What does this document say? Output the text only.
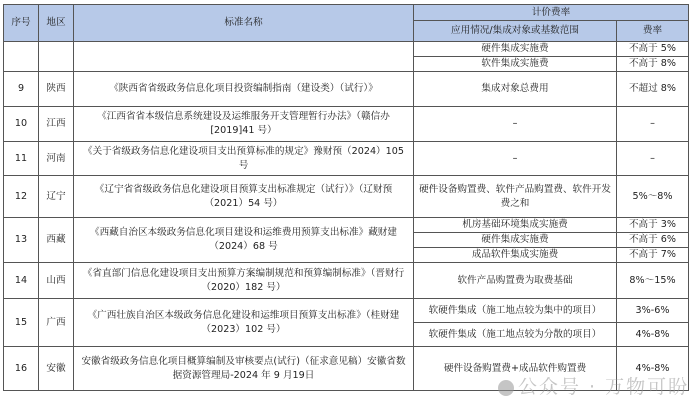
序号	地区	标准名称	计价费率	
			应用情况/集成对象或基数范围	费率
			硬件集成实施费	不高于 5%
			软件集成实施费	不高于 8%
9	陕西	《陕西省省级政务信息化项目投资编制指南（建设类）（试行）》	集成对象总费用	不超过 8%
10	江西	《江西省省本级信息系统建设及运维服务开支管理暂行办法》（赣信办[2019]41 号）	–	–
11	河南	《关于省级政务信息化建设项目支出预算标准的规定》豫财预（2024）105 号	–	–
12	辽宁	《辽宁省省级政务信息化建设项目预算支出标准规定（试行）》（辽财预（2021）54 号）	硬件设备购置费、软件产品购置费、软件开发费之和	5%～8%
13	西藏	《西藏自治区本级政务信息化项目建设和运维费用预算支出标准》藏财建（2024）68 号	机房基础环境集成实施费	不高于 3%
			硬件集成实施费	不高于 6%
			成品软件集成实施费	不高于 7%
14	山西	《省直部门信息化建设项目支出预算方案编制规范和预算编制标准》（晋财行（2020）182 号）	软件产品购置费为取费基础	8%～15%
15	广西	《广西壮族自治区本级政务信息化建设和运维项目预算支出标准》（桂财建（2023）102 号）	软硬件集成（施工地点较为集中的项目）	3%-6%
			软硬件集成（施工地点较为分散的项目）	4%-8%
16	安徽	安徽省级政务信息化项目概算编制及审核要点(试行)（征求意见稿）安徽省数据资源管理局-2024 年 9 月19日	硬件设备购置费+成品软件购置费	4%-8%
公众号 · 万物可盼
